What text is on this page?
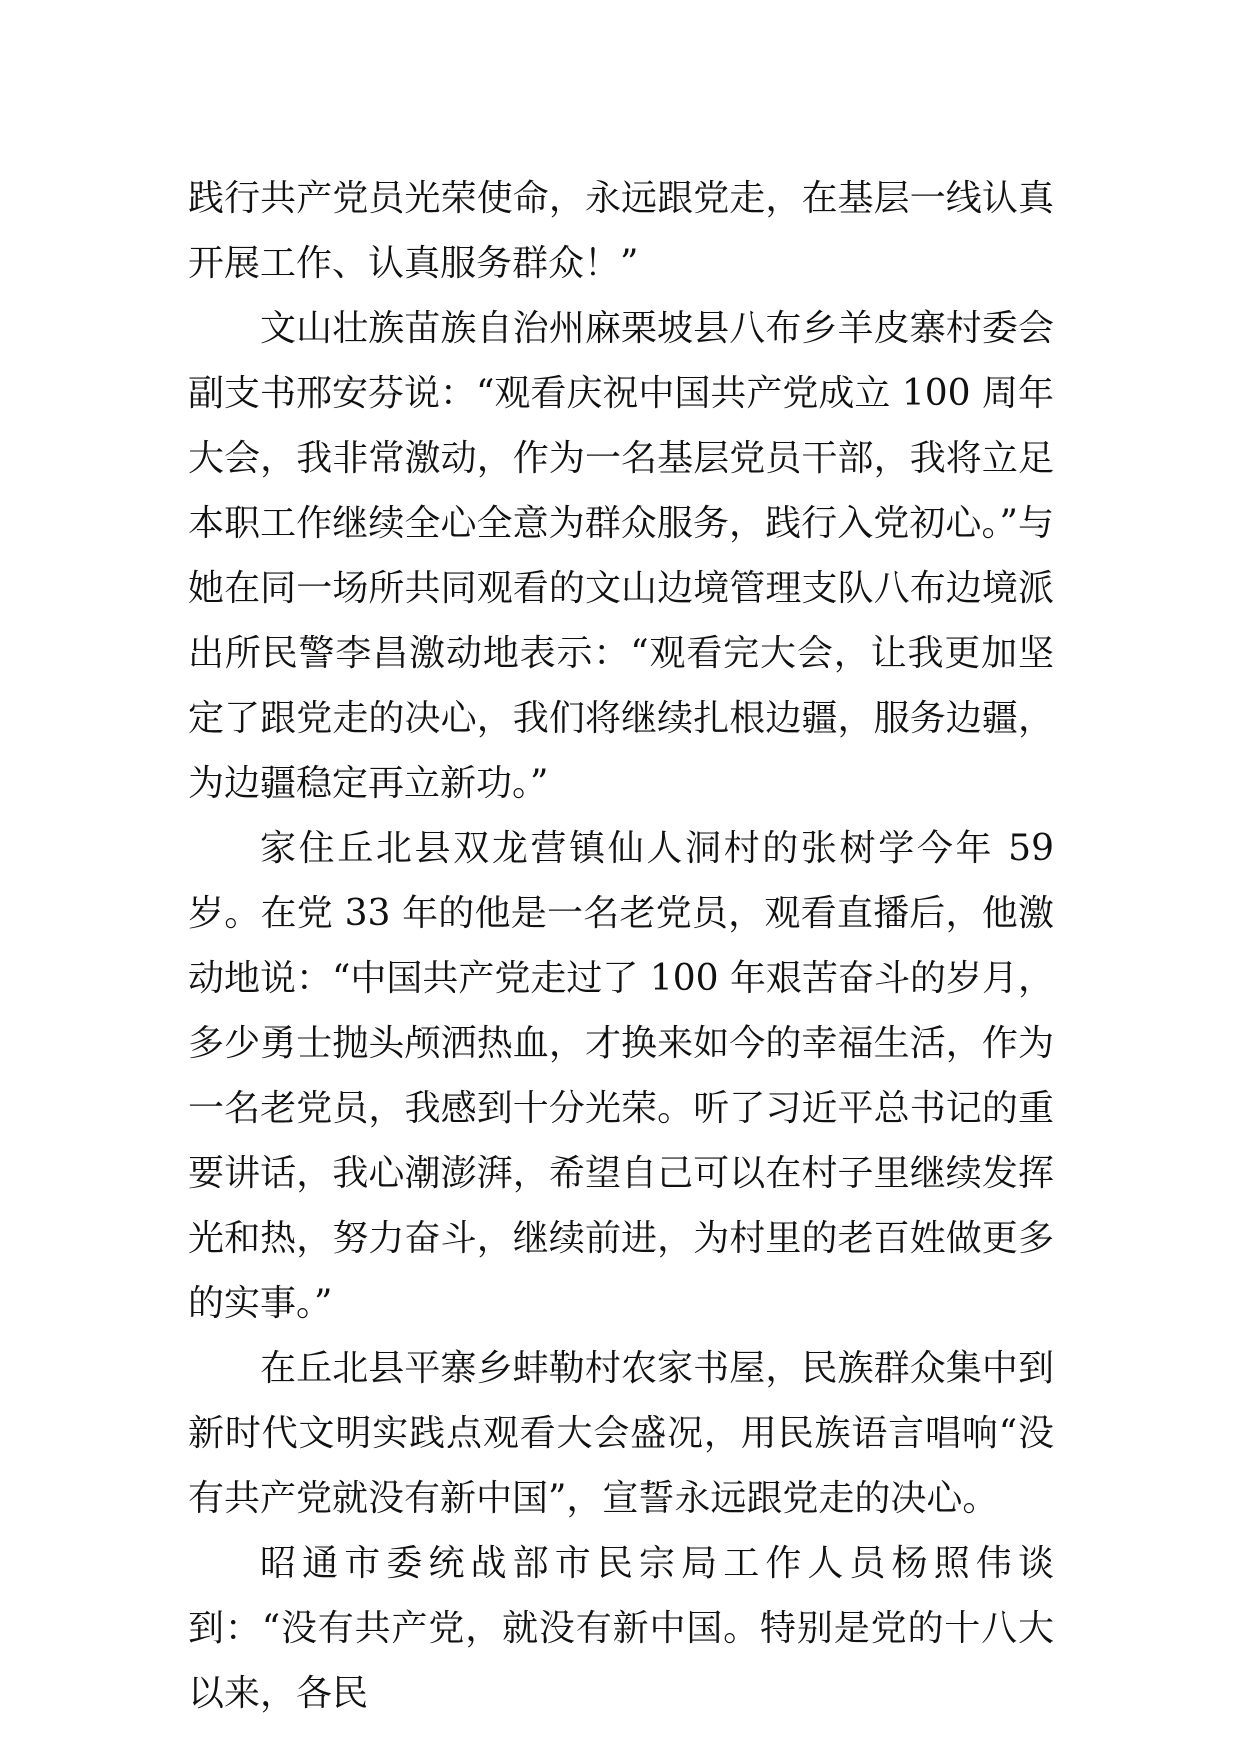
践行共产党员光荣使命，永远跟党走，在基层一线认真开展工作、认真服务群众！”

文山壮族苗族自治州麻栗坡县八布乡羊皮寨村委会副支书邢安芬说：“观看庆祝中国共产党成立 100 周年大会，我非常激动，作为一名基层党员干部，我将立足本职工作继续全心全意为群众服务，践行入党初心。”与她在同一场所共同观看的文山边境管理支队八布边境派出所民警李昌激动地表示：“观看完大会，让我更加坚定了跟党走的决心，我们将继续扎根边疆，服务边疆，为边疆稳定再立新功。”

家住丘北县双龙营镇仙人洞村的张树学今年 59 岁。在党 33 年的他是一名老党员，观看直播后，他激动地说：“中国共产党走过了 100 年艰苦奋斗的岁月，多少勇士抛头颅洒热血，才换来如今的幸福生活，作为一名老党员，我感到十分光荣。听了习近平总书记的重要讲话，我心潮澎湃，希望自己可以在村子里继续发挥光和热，努力奋斗，继续前进，为村里的老百姓做更多的实事。”

在丘北县平寨乡蚌勒村农家书屋，民族群众集中到新时代文明实践点观看大会盛况，用民族语言唱响“没有共产党就没有新中国”，宣誓永远跟党走的决心。

昭通市委统战部市民宗局工作人员杨照伟谈到：“没有共产党，就没有新中国。特别是党的十八大以来，各民
